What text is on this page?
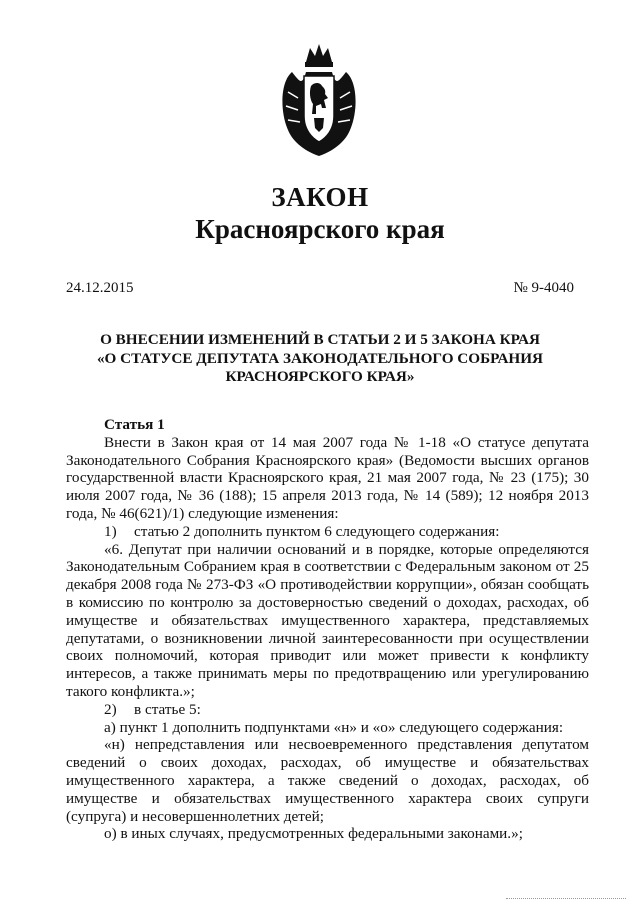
ЗАКОН
Красноярского края
24.12.2015	№ 9-4040
О ВНЕСЕНИИ ИЗМЕНЕНИЙ В СТАТЬИ 2 И 5 ЗАКОНА КРАЯ
«О СТАТУСЕ ДЕПУТАТА ЗАКОНОДАТЕЛЬНОГО СОБРАНИЯ
КРАСНОЯРСКОГО КРАЯ»
Статья 1

Внести в Закон края от 14 мая 2007 года № 1-18 «О статусе депутата Законодательного Собрания Красноярского края» (Ведомости высших органов государственной власти Красноярского края, 21 мая 2007 года, № 23 (175); 30 июля 2007 года, № 36 (188); 15 апреля 2013 года, № 14 (589); 12 ноября 2013 года, № 46(621)/1) следующие изменения:

1) статью 2 дополнить пунктом 6 следующего содержания:

«6. Депутат при наличии оснований и в порядке, которые определяются Законодательным Собранием края в соответствии с Федеральным законом от 25 декабря 2008 года № 273-ФЗ «О противодействии коррупции», обязан сообщать в комиссию по контролю за достоверностью сведений о доходах, расходах, об имуществе и обязательствах имущественного характера, представляемых депутатами, о возникновении личной заинтересованности при осуществлении своих полномочий, которая приводит или может привести к конфликту интересов, а также принимать меры по предотвращению или урегулированию такого конфликта.»;

2) в статье 5:

а) пункт 1 дополнить подпунктами «н» и «о» следующего содержания:

«н) непредставления или несвоевременного представления депутатом сведений о своих доходах, расходах, об имуществе и обязательствах имущественного характера, а также сведений о доходах, расходах, об имуществе и обязательствах имущественного характера своих супруги (супруга) и несовершеннолетних детей;

о) в иных случаях, предусмотренных федеральными законами.»;
